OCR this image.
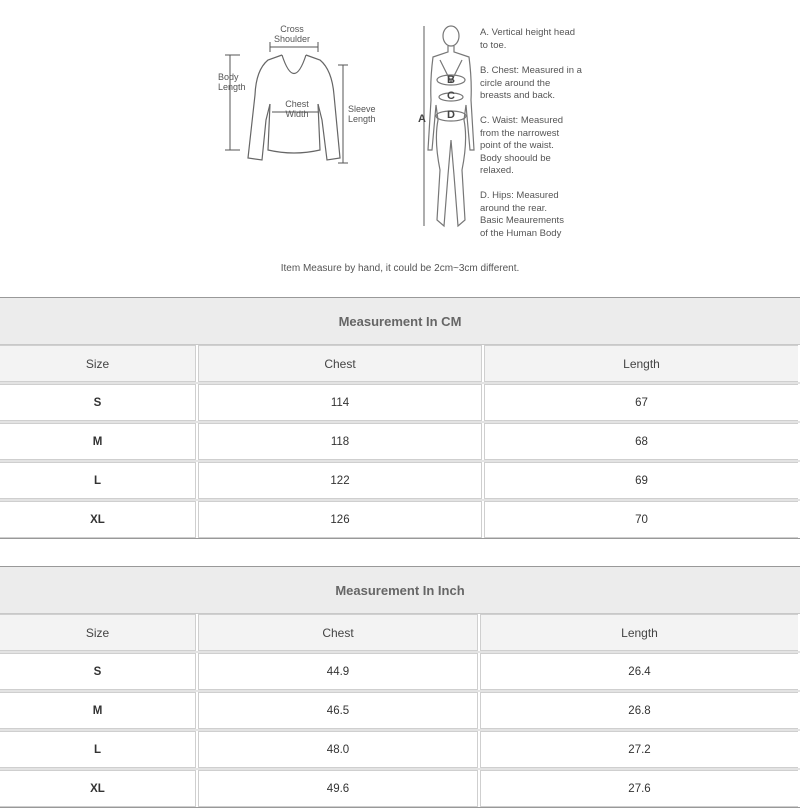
Cross
Shoulder
Body
Length
Chest
Width	Sleeve
Length	A
B
C
D
A. Vertical height head
to toe.
B. Chest: Measured in a
circle around the
breasts and back.
C. Waist: Measured
from the narrowest
point of the waist.
Body shoould be
relaxed.
D. Hips: Measured
around the rear.
Basic Meaurements
of the Human Body
Item Measure by hand, it could be 2cm~3cm different.
Measurement In CM
Size	Chest	Length
S	114	67
M	118	68
L	122	69
XL	126	70
Measurement In Inch
Size	Chest	Length
S	44.9	26.4
M	46.5	26.8
L	48.0	27.2
XL	49.6	27.6
